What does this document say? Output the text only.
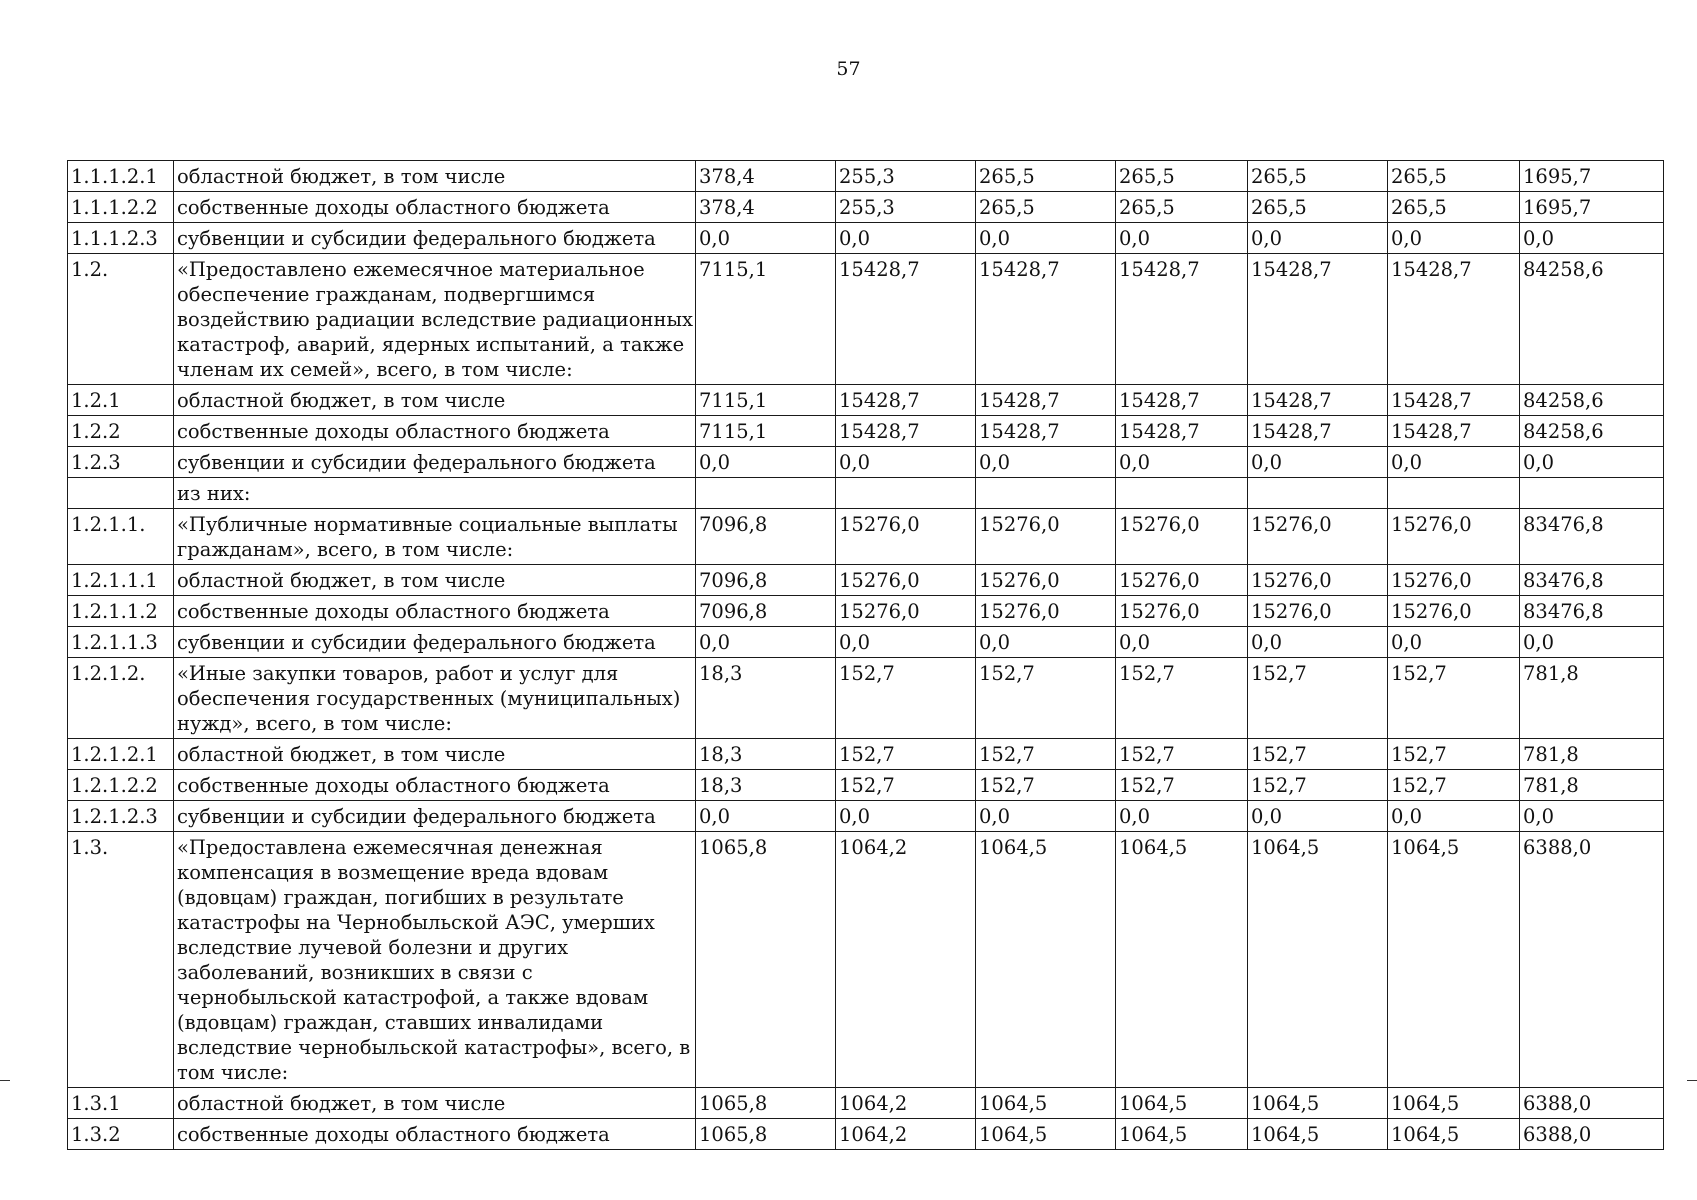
57
1.1.1.2.1	областной бюджет, в том числе	378,4	255,3	265,5	265,5	265,5	265,5	1695,7
1.1.1.2.2	собственные доходы областного бюджета	378,4	255,3	265,5	265,5	265,5	265,5	1695,7
1.1.1.2.3	субвенции и субсидии федерального бюджета	0,0	0,0	0,0	0,0	0,0	0,0	0,0
1.2.	«Предоставлено ежемесячное материальное обеспечение гражданам, подвергшимся воздействию радиации вследствие радиационных катастроф, аварий, ядерных испытаний, а также членам их семей», всего, в том числе:	7115,1	15428,7	15428,7	15428,7	15428,7	15428,7	84258,6
1.2.1	областной бюджет, в том числе	7115,1	15428,7	15428,7	15428,7	15428,7	15428,7	84258,6
1.2.2	собственные доходы областного бюджета	7115,1	15428,7	15428,7	15428,7	15428,7	15428,7	84258,6
1.2.3	субвенции и субсидии федерального бюджета	0,0	0,0	0,0	0,0	0,0	0,0	0,0
	из них:							
1.2.1.1.	«Публичные нормативные социальные выплаты гражданам», всего, в том числе:	7096,8	15276,0	15276,0	15276,0	15276,0	15276,0	83476,8
1.2.1.1.1	областной бюджет, в том числе	7096,8	15276,0	15276,0	15276,0	15276,0	15276,0	83476,8
1.2.1.1.2	собственные доходы областного бюджета	7096,8	15276,0	15276,0	15276,0	15276,0	15276,0	83476,8
1.2.1.1.3	субвенции и субсидии федерального бюджета	0,0	0,0	0,0	0,0	0,0	0,0	0,0
1.2.1.2.	«Иные закупки товаров, работ и услуг для обеспечения государственных (муниципальных) нужд», всего, в том числе:	18,3	152,7	152,7	152,7	152,7	152,7	781,8
1.2.1.2.1	областной бюджет, в том числе	18,3	152,7	152,7	152,7	152,7	152,7	781,8
1.2.1.2.2	собственные доходы областного бюджета	18,3	152,7	152,7	152,7	152,7	152,7	781,8
1.2.1.2.3	субвенции и субсидии федерального бюджета	0,0	0,0	0,0	0,0	0,0	0,0	0,0
1.3.	«Предоставлена ежемесячная денежная компенсация в возмещение вреда вдовам (вдовцам) граждан, погибших в результате катастрофы на Чернобыльской АЭС, умерших вследствие лучевой болезни и других заболеваний, возникших в связи с чернобыльской катастрофой, а также вдовам (вдовцам) граждан, ставших инвалидами вследствие чернобыльской катастрофы», всего, в том числе:	1065,8	1064,2	1064,5	1064,5	1064,5	1064,5	6388,0
1.3.1	областной бюджет, в том числе	1065,8	1064,2	1064,5	1064,5	1064,5	1064,5	6388,0
1.3.2	собственные доходы областного бюджета	1065,8	1064,2	1064,5	1064,5	1064,5	1064,5	6388,0
